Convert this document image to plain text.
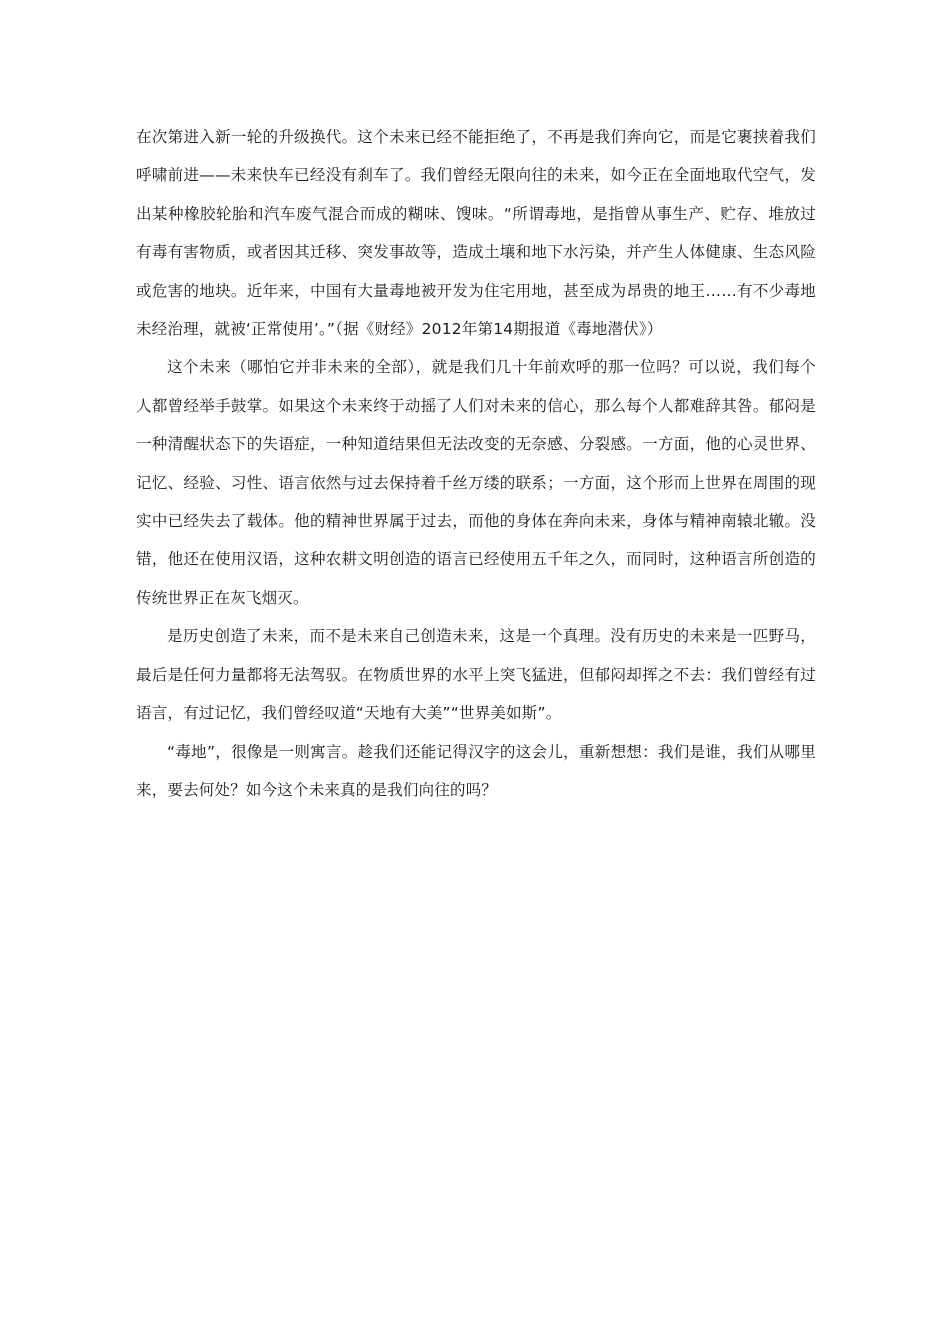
在次第进入新一轮的升级换代。这个未来已经不能拒绝了，不再是我们奔向它，而是它裹挟着我们呼啸前进——未来快车已经没有刹车了。我们曾经无限向往的未来，如今正在全面地取代空气，发出某种橡胶轮胎和汽车废气混合而成的糊味、馊味。“所谓毒地，是指曾从事生产、贮存、堆放过有毒有害物质，或者因其迁移、突发事故等，造成土壤和地下水污染，并产生人体健康、生态风险或危害的地块。近年来，中国有大量毒地被开发为住宅用地，甚至成为昂贵的地王……有不少毒地未经治理，就被‘正常使用’。”（据《财经》2012年第14期报道《毒地潜伏》）

这个未来（哪怕它并非未来的全部），就是我们几十年前欢呼的那一位吗？可以说，我们每个人都曾经举手鼓掌。如果这个未来终于动摇了人们对未来的信心，那么每个人都难辞其咎。郁闷是一种清醒状态下的失语症，一种知道结果但无法改变的无奈感、分裂感。一方面，他的心灵世界、记忆、经验、习性、语言依然与过去保持着千丝万缕的联系；一方面，这个形而上世界在周围的现实中已经失去了载体。他的精神世界属于过去，而他的身体在奔向未来，身体与精神南辕北辙。没错，他还在使用汉语，这种农耕文明创造的语言已经使用五千年之久，而同时，这种语言所创造的传统世界正在灰飞烟灭。

是历史创造了未来，而不是未来自己创造未来，这是一个真理。没有历史的未来是一匹野马，最后是任何力量都将无法驾驭。在物质世界的水平上突飞猛进，但郁闷却挥之不去：我们曾经有过语言，有过记忆，我们曾经叹道“天地有大美”“世界美如斯”。

“毒地”，很像是一则寓言。趁我们还能记得汉字的这会儿，重新想想：我们是谁，我们从哪里来，要去何处？如今这个未来真的是我们向往的吗？
